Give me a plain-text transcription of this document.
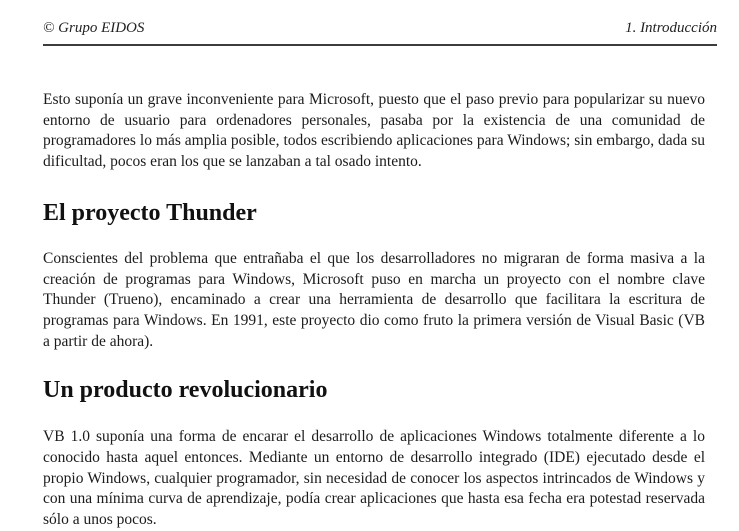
© Grupo EIDOS	1. Introducción

Esto suponía un grave inconveniente para Microsoft, puesto que el paso previo para popularizar su nuevo entorno de usuario para ordenadores personales, pasaba por la existencia de una comunidad de programadores lo más amplia posible, todos escribiendo aplicaciones para Windows; sin embargo, dada su dificultad, pocos eran los que se lanzaban a tal osado intento.

El proyecto Thunder

Conscientes del problema que entrañaba el que los desarrolladores no migraran de forma masiva a la creación de programas para Windows, Microsoft puso en marcha un proyecto con el nombre clave Thunder (Trueno), encaminado a crear una herramienta de desarrollo que facilitara la escritura de programas para Windows. En 1991, este proyecto dio como fruto la primera versión de Visual Basic (VB a partir de ahora).

Un producto revolucionario

VB 1.0 suponía una forma de encarar el desarrollo de aplicaciones Windows totalmente diferente a lo conocido hasta aquel entonces. Mediante un entorno de desarrollo integrado (IDE) ejecutado desde el propio Windows, cualquier programador, sin necesidad de conocer los aspectos intrincados de Windows y con una mínima curva de aprendizaje, podía crear aplicaciones que hasta esa fecha era potestad reservada sólo a unos pocos.
